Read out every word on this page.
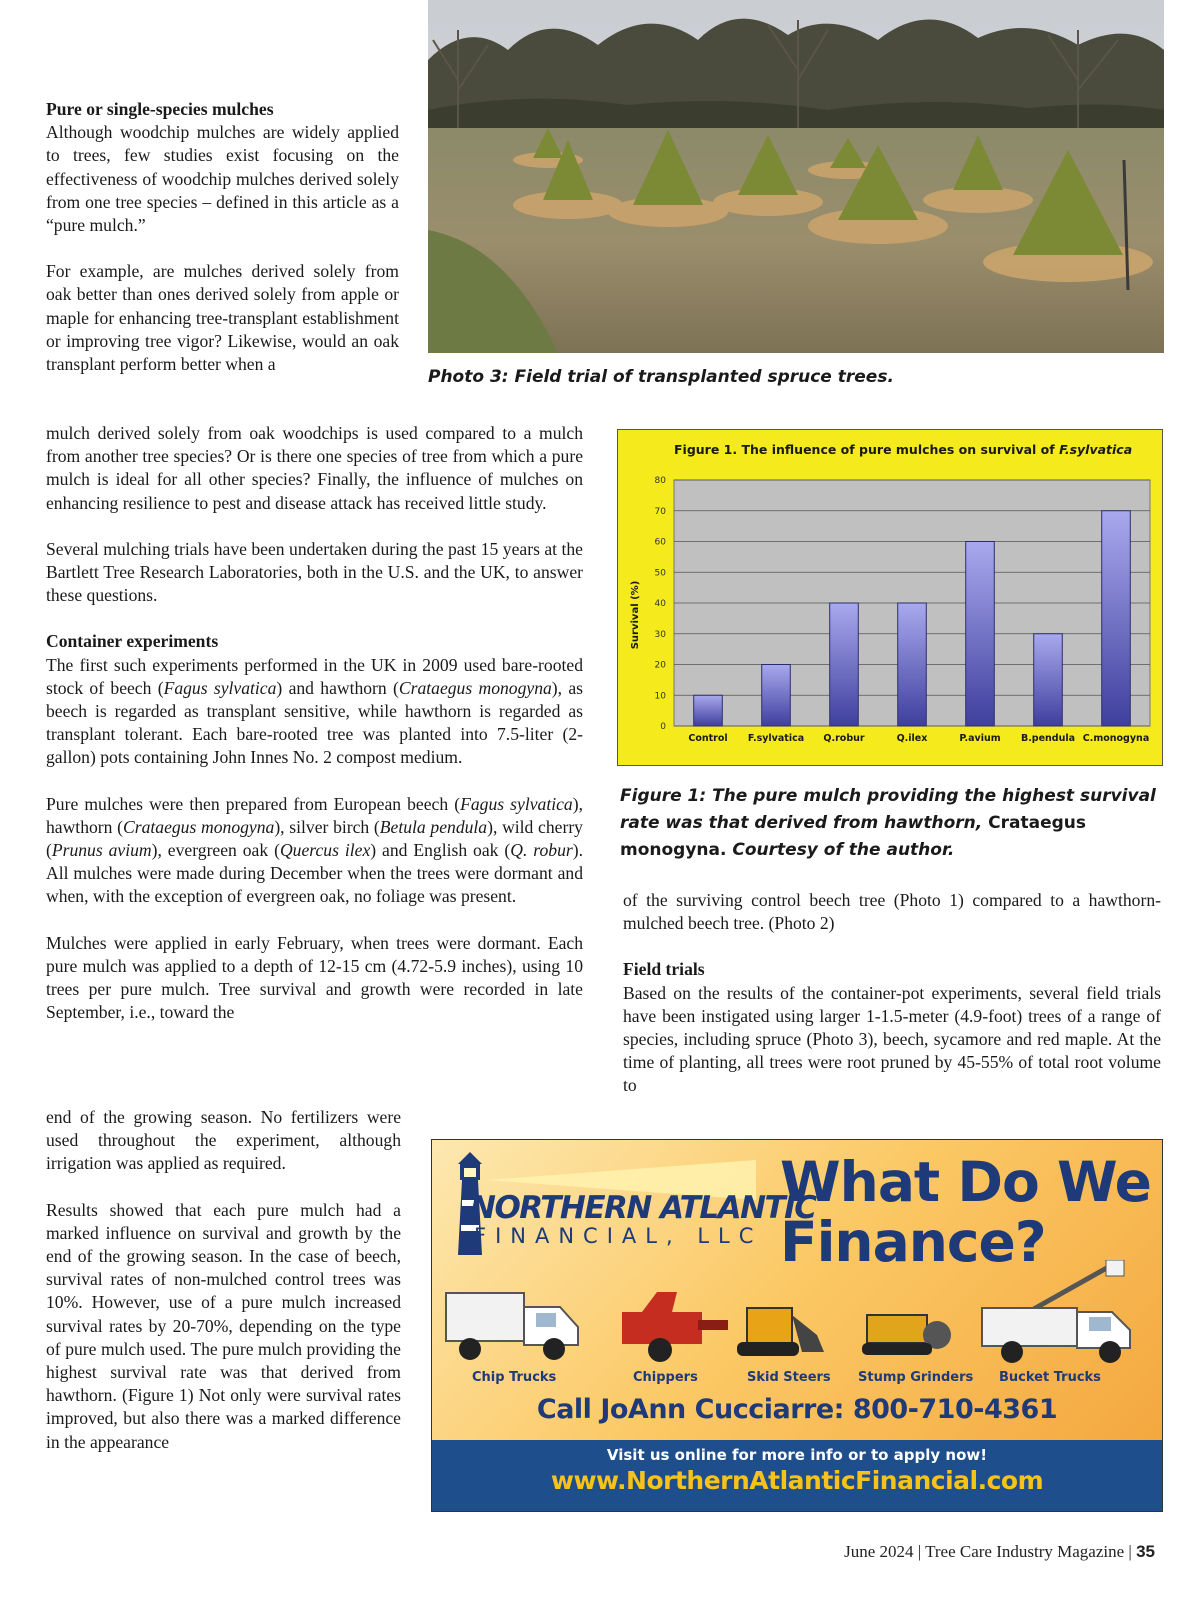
Photo 3: Field trial of transplanted spruce trees.
Pure or single-species mulches

Although woodchip mulches are widely applied to trees, few studies exist focusing on the effectiveness of woodchip mulches derived solely from one tree species – defined in this article as a “pure mulch.”

For example, are mulches derived solely from oak better than ones derived solely from apple or maple for enhancing tree-transplant establishment or improving tree vigor? Likewise, would an oak transplant perform better when a

mulch derived solely from oak woodchips is used compared to a mulch from another tree species? Or is there one species of tree from which a pure mulch is ideal for all other species? Finally, the influence of mulches on enhancing resilience to pest and disease attack has received little study.

Several mulching trials have been undertaken during the past 15 years at the Bartlett Tree Research Laboratories, both in the U.S. and the UK, to answer these questions.

Container experiments

The first such experiments performed in the UK in 2009 used bare-rooted stock of beech (Fagus sylvatica) and hawthorn (Crataegus monogyna), as beech is regarded as transplant sensitive, while hawthorn is regarded as transplant tolerant. Each bare-rooted tree was planted into 7.5-liter (2-gallon) pots containing John Innes No. 2 compost medium.

Pure mulches were then prepared from European beech (Fagus sylvatica), hawthorn (Crataegus monogyna), silver birch (Betula pendula), wild cherry (Prunus avium), evergreen oak (Quercus ilex) and English oak (Q. robur). All mulches were made during December when the trees were dormant and when, with the exception of evergreen oak, no foliage was present.

Mulches were applied in early February, when trees were dormant. Each pure mulch was applied to a depth of 12-15 cm (4.72-5.9 inches), using 10 trees per pure mulch. Tree survival and growth were recorded in late September, i.e., toward the

end of the growing season. No fertilizers were used throughout the experiment, although irrigation was applied as required.

Results showed that each pure mulch had a marked influence on survival and growth by the end of the growing season. In the case of beech, survival rates of non-mulched control trees was 10%. However, use of a pure mulch increased survival rates by 20-70%, depending on the type of pure mulch used. The pure mulch providing the highest survival rate was that derived from hawthorn. (Figure 1) Not only were survival rates improved, but also there was a marked difference in the appearance

Figure 1. The influence of pure mulches on survival of F.sylvatica
Survival (%)
0
10
20
30
40
50
60
70
80
Control F.sylvatica Q.robur	Q.ilex	P.avium B.pendula C.monogyna
Figure 1: The pure mulch providing the highest survival rate was that derived from hawthorn, Crataegus monogyna. Courtesy of the author.

of the surviving control beech tree (Photo 1) compared to a hawthorn-mulched beech tree. (Photo 2)

Field trials

Based on the results of the container-pot experiments, several field trials have been instigated using larger 1-1.5-meter (4.9-foot) trees of a range of species, including spruce (Photo 3), beech, sycamore and red maple. At the time of planting, all trees were root pruned by 45-55% of total root volume to

NORTHERN ATLANTIC
FINANCIAL, LLC
What Do We
Finance?
Chip Trucks	Chippers	Skid Steers Stump Grinders Bucket Trucks
Call JoAnn Cucciarre: 800-710-4361
Visit us online for more info or to apply now!
www.NorthernAtlanticFinancial.com
June 2024 | Tree Care Industry Magazine | 35
